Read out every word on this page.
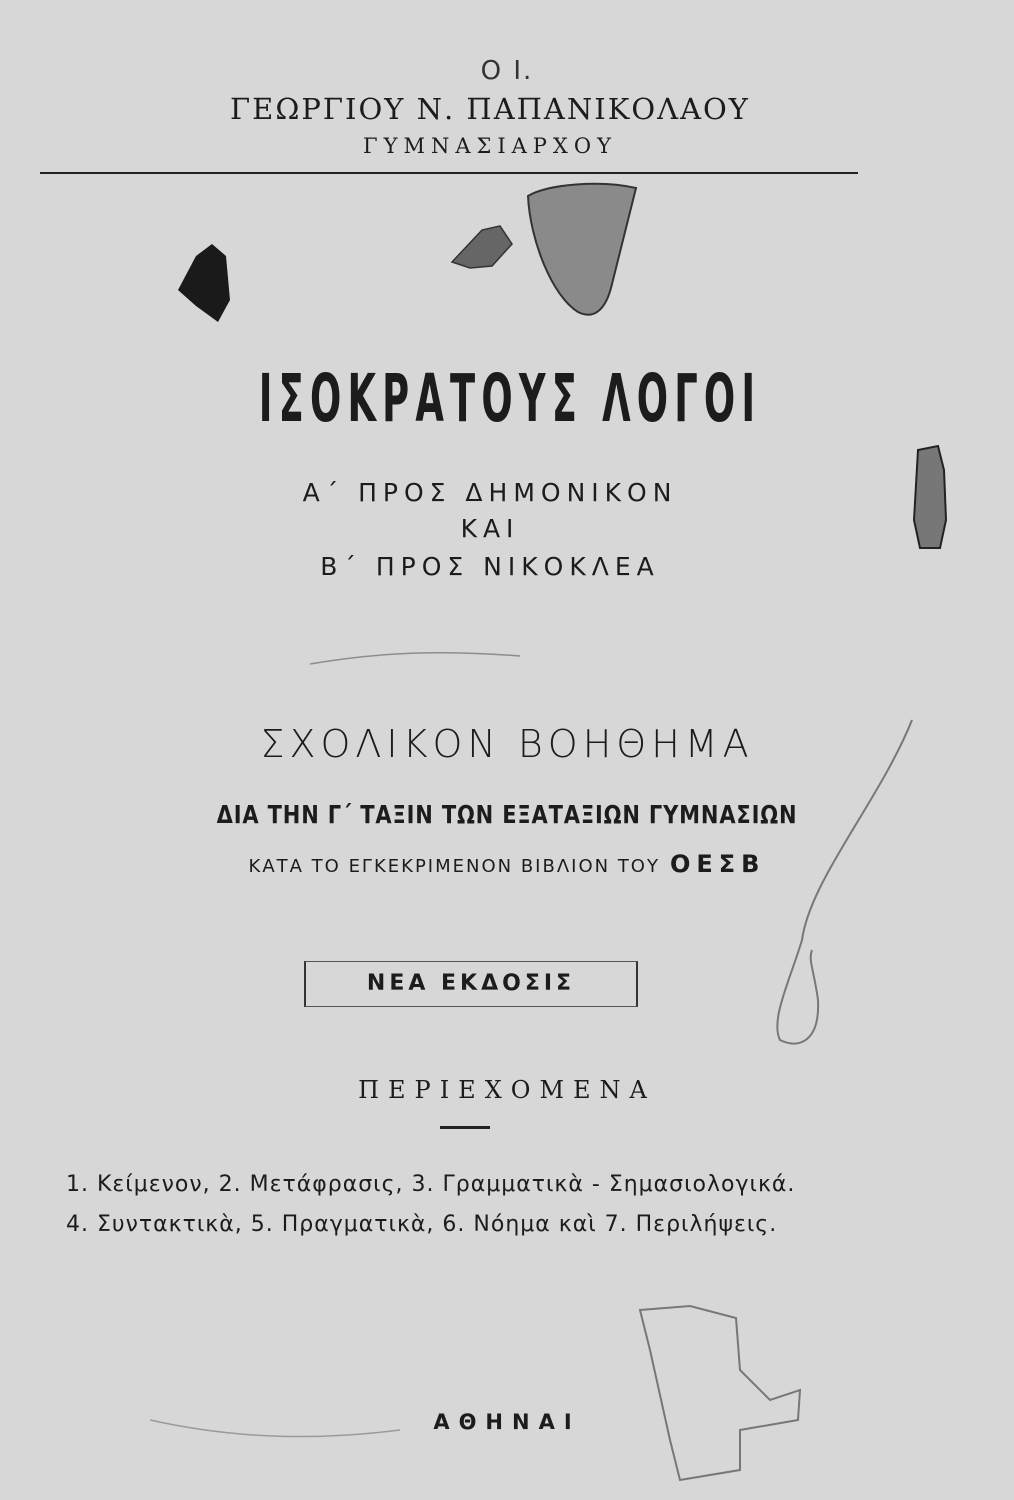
Ο Ι.
ΓΕΩΡΓΙΟΥ Ν. ΠΑΠΑΝΙΚΟΛΑΟΥ
ΓΥΜΝΑΣΙΑΡΧΟΥ
ΙΣΟΚΡΑΤΟΥΣ ΛΟΓΟΙ
Α΄ ΠΡΟΣ ΔΗΜΟΝΙΚΟΝ
ΚΑΙ
Β΄ ΠΡΟΣ ΝΙΚΟΚΛΕΑ
ΣΧΟΛΙΚΟΝ ΒΟΗΘΗΜΑ
ΔΙΑ ΤΗΝ Γ΄ ΤΑΞΙΝ ΤΩΝ ΕΞΑΤΑΞΙΩΝ ΓΥΜΝΑΣΙΩΝ
ΚΑΤΑ ΤΟ ΕΓΚΕΚΡΙΜΕΝΟΝ ΒΙΒΛΙΟΝ ΤΟΥ ΟΕΣΒ
ΝΕΑ ΕΚΔΟΣΙΣ
ΠΕΡΙΕΧΟΜΕΝΑ
1. Κείμενον, 2. Μετάφρασις, 3. Γραμματικὰ - Σημασιολογικά.
4. Συντακτικὰ, 5. Πραγματικὰ, 6. Νόημα καὶ 7. Περιλήψεις.
ΑΘΗΝΑΙ
